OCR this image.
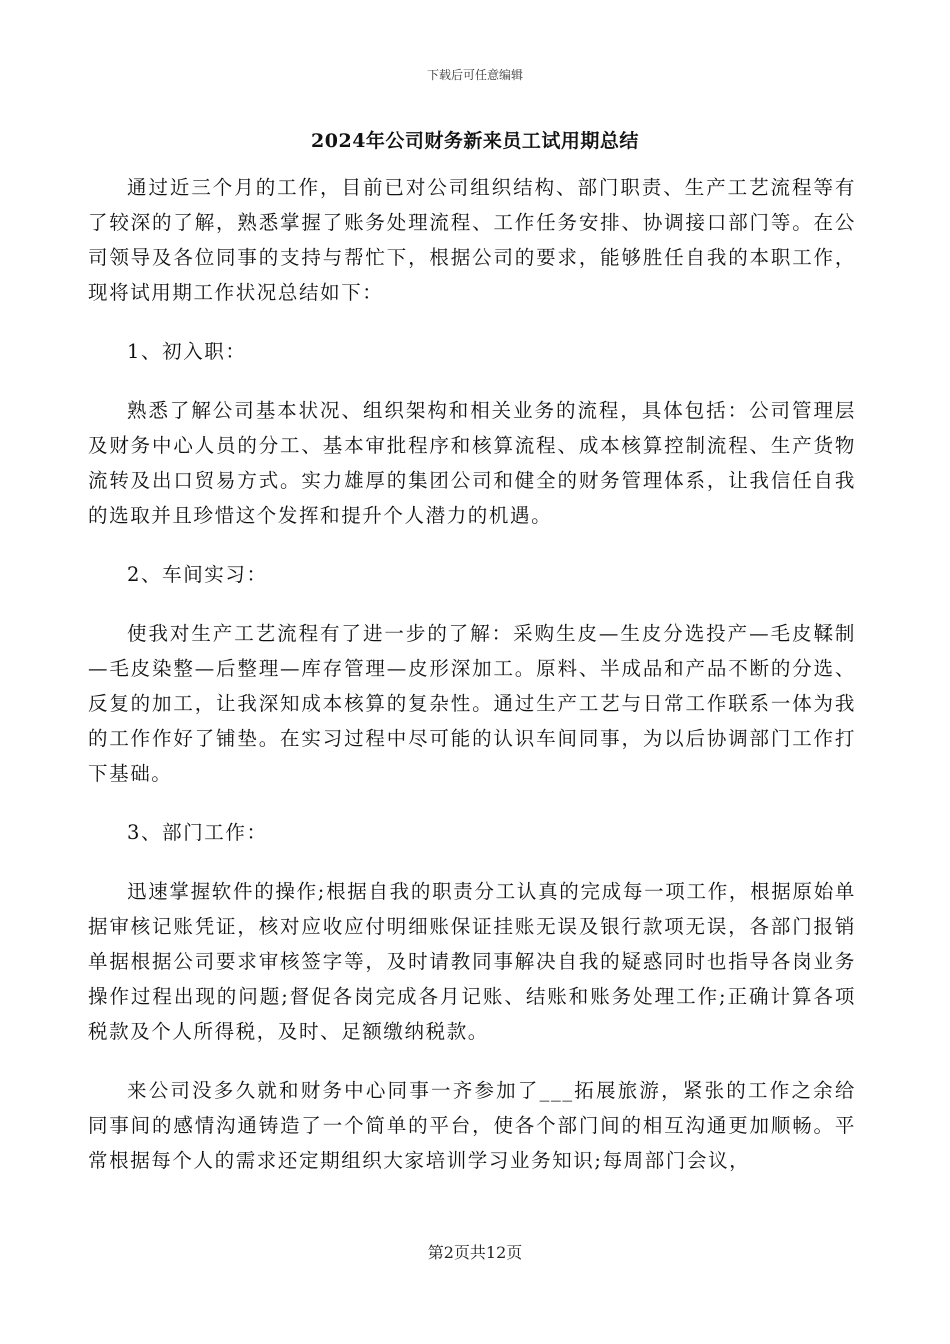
下载后可任意编辑
2024年公司财务新来员工试用期总结

通过近三个月的工作，目前已对公司组织结构、部门职责、生产工艺流程等有了较深的了解，熟悉掌握了账务处理流程、工作任务安排、协调接口部门等。在公司领导及各位同事的支持与帮忙下，根据公司的要求，能够胜任自我的本职工作，现将试用期工作状况总结如下：

1、初入职：

熟悉了解公司基本状况、组织架构和相关业务的流程，具体包括：公司管理层及财务中心人员的分工、基本审批程序和核算流程、成本核算控制流程、生产货物流转及出口贸易方式。实力雄厚的集团公司和健全的财务管理体系，让我信任自我的选取并且珍惜这个发挥和提升个人潜力的机遇。

2、车间实习：

使我对生产工艺流程有了进一步的了解：采购生皮—生皮分选投产—毛皮鞣制—毛皮染整—后整理—库存管理—皮形深加工。原料、半成品和产品不断的分选、反复的加工，让我深知成本核算的复杂性。通过生产工艺与日常工作联系一体为我的工作作好了铺垫。在实习过程中尽可能的认识车间同事，为以后协调部门工作打下基础。

3、部门工作：

迅速掌握软件的操作;根据自我的职责分工认真的完成每一项工作，根据原始单据审核记账凭证，核对应收应付明细账保证挂账无误及银行款项无误，各部门报销单据根据公司要求审核签字等，及时请教同事解决自我的疑惑同时也指导各岗业务操作过程出现的问题;督促各岗完成各月记账、结账和账务处理工作;正确计算各项税款及个人所得税，及时、足额缴纳税款。

来公司没多久就和财务中心同事一齐参加了___拓展旅游，紧张的工作之余给同事间的感情沟通铸造了一个简单的平台，使各个部门间的相互沟通更加顺畅。平常根据每个人的需求还定期组织大家培训学习业务知识;每周部门会议，

第2页共12页
